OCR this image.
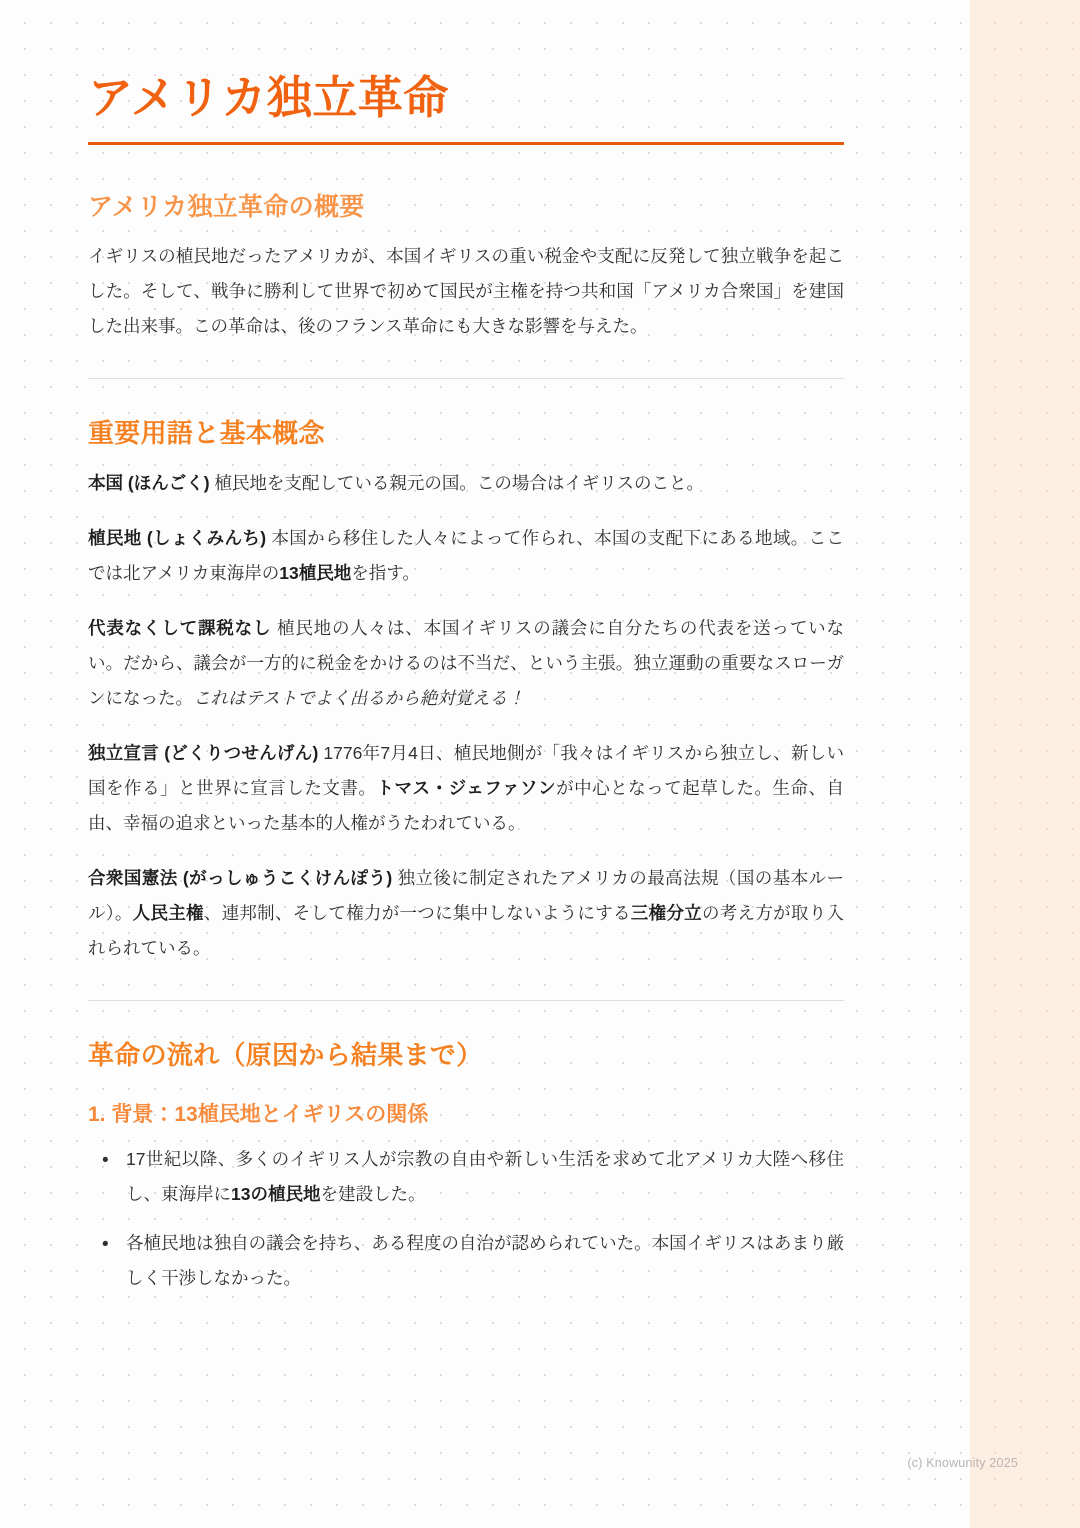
アメリカ独立革命
アメリカ独立革命の概要

イギリスの植民地だったアメリカが、本国イギリスの重い税金や支配に反発して独立戦争を起こした。そして、戦争に勝利して世界で初めて国民が主権を持つ共和国「アメリカ合衆国」を建国した出来事。この革命は、後のフランス革命にも大きな影響を与えた。

重要用語と基本概念

本国 (ほんごく) 植民地を支配している親元の国。この場合はイギリスのこと。

植民地 (しょくみんち) 本国から移住した人々によって作られ、本国の支配下にある地域。ここでは北アメリカ東海岸の13植民地を指す。

代表なくして課税なし 植民地の人々は、本国イギリスの議会に自分たちの代表を送っていない。だから、議会が一方的に税金をかけるのは不当だ、という主張。独立運動の重要なスローガンになった。これはテストでよく出るから絶対覚える！

独立宣言 (どくりつせんげん) 1776年7月4日、植民地側が「我々はイギリスから独立し、新しい国を作る」と世界に宣言した文書。トマス・ジェファソンが中心となって起草した。生命、自由、幸福の追求といった基本的人権がうたわれている。

合衆国憲法 (がっしゅうこくけんぽう) 独立後に制定されたアメリカの最高法規（国の基本ルール）。人民主権、連邦制、そして権力が一つに集中しないようにする三権分立の考え方が取り入れられている。

革命の流れ（原因から結果まで）
1. 背景：13植民地とイギリスの関係
• 17世紀以降、多くのイギリス人が宗教の自由や新しい生活を求めて北アメリカ大陸へ移住し、東海岸に13の植民地を建設した。
• 各植民地は独自の議会を持ち、ある程度の自治が認められていた。本国イギリスはあまり厳しく干渉しなかった。
(c) Knowunity 2025
